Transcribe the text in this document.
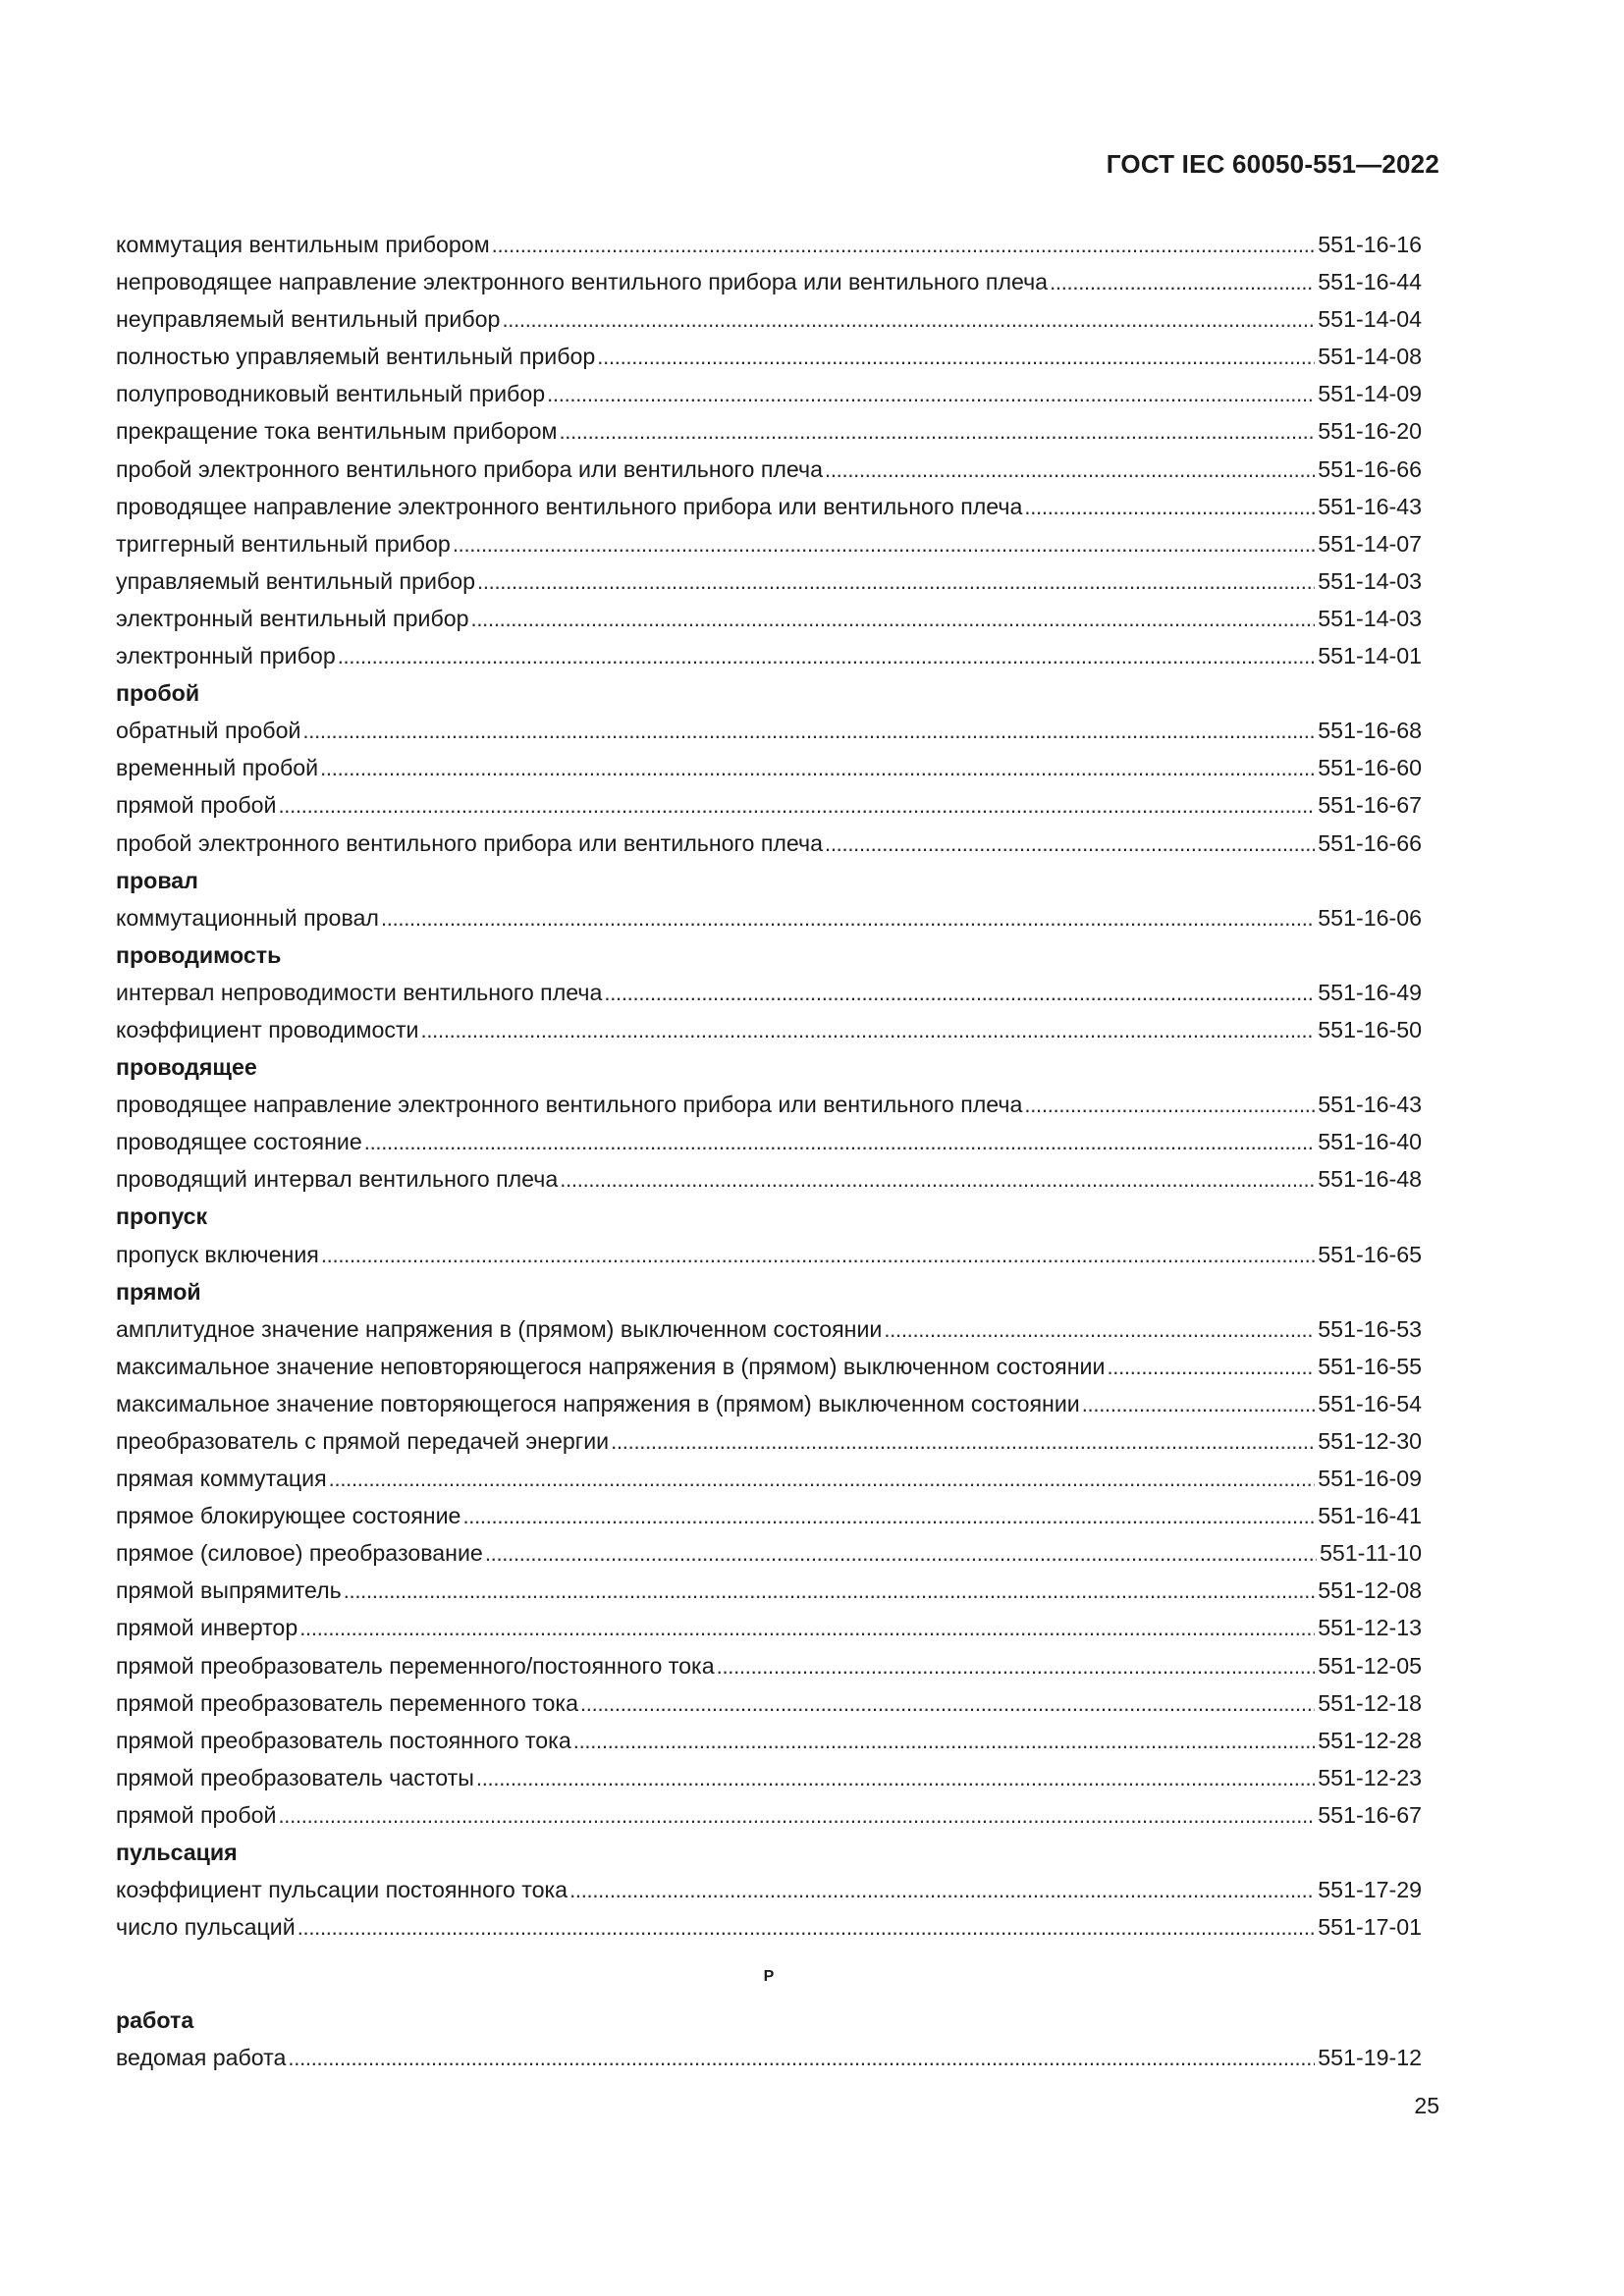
ГОСТ IEC 60050-551—2022
коммутация вентильным прибором . . .	551-16-16
непроводящее направление электронного вентильного прибора или вентильного плеча . . .	551-16-44
неуправляемый вентильный прибор . . .	551-14-04
полностью управляемый вентильный прибор . . .	551-14-08
полупроводниковый вентильный прибор . . .	551-14-09
прекращение тока вентильным прибором . . .	551-16-20
пробой электронного вентильного прибора или вентильного плеча . . .	551-16-66
проводящее направление электронного вентильного прибора или вентильного плеча . . .	551-16-43
триггерный вентильный прибор . . .	551-14-07
управляемый вентильный прибор . . .	551-14-03
электронный вентильный прибор . . .	551-14-03
электронный прибор . . .	551-14-01
пробой
обратный пробой . . .	551-16-68
временный пробой . . .	551-16-60
прямой пробой . . .	551-16-67
пробой электронного вентильного прибора или вентильного плеча . . .	551-16-66
провал
коммутационный провал . . .	551-16-06
проводимость
интервал непроводимости вентильного плеча . . .	551-16-49
коэффициент проводимости . . .	551-16-50
проводящее
проводящее направление электронного вентильного прибора или вентильного плеча . . .	551-16-43
проводящее состояние . . .	551-16-40
проводящий интервал вентильного плеча . . .	551-16-48
пропуск
пропуск включения . . .	551-16-65
прямой
амплитудное значение напряжения в (прямом) выключенном состоянии . . .	551-16-53
максимальное значение неповторяющегося напряжения в (прямом) выключенном состоянии . . .	551-16-55
максимальное значение повторяющегося напряжения в (прямом) выключенном состоянии . . .	551-16-54
преобразователь с прямой передачей энергии . . .	551-12-30
прямая коммутация . . .	551-16-09
прямое блокирующее состояние . . .	551-16-41
прямое (силовое) преобразование . . .	551-11-10
прямой выпрямитель . . .	551-12-08
прямой инвертор . . .	551-12-13
прямой преобразователь переменного/постоянного тока . . .	551-12-05
прямой преобразователь переменного тока . . .	551-12-18
прямой преобразователь постоянного тока . . .	551-12-28
прямой преобразователь частоты . . .	551-12-23
прямой пробой . . .	551-16-67
пульсация
коэффициент пульсации постоянного тока . . .	551-17-29
число пульсаций . . .	551-17-01
Р
работа
ведомая работа . . .	551-19-12
25
